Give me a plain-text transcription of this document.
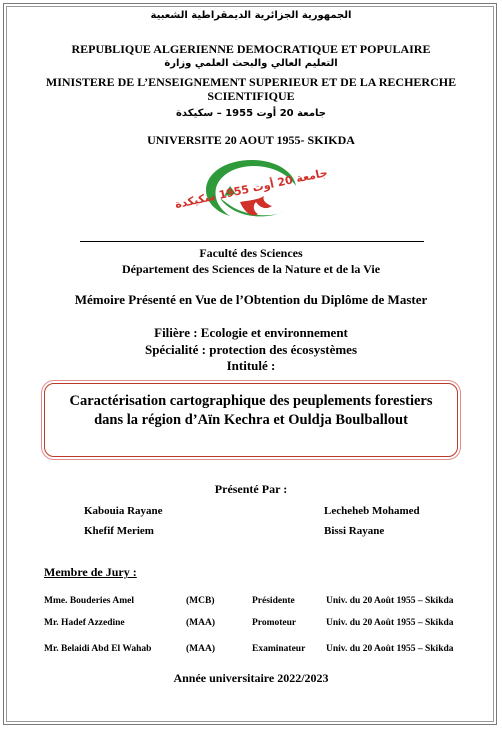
الجمهورية الجزائرية الديمقراطية الشعبية
REPUBLIQUE ALGERIENNE DEMOCRATIQUE ET POPULAIRE
التعليم العالي والبحث العلمي وزارة
MINISTERE DE L’ENSEIGNEMENT SUPERIEUR ET DE LA RECHERCHE
SCIENTIFIQUE
جامعة 20 أوت 1955 – سكيكدة
UNIVERSITE 20 AOUT 1955- SKIKDA
جامعة 20 أوت 1955 سكيكدة
Faculté des Sciences
Département des Sciences de la Nature et de la Vie
Mémoire Présenté en Vue de l’Obtention du Diplôme de Master
Filière : Ecologie et environnement
Spécialité : protection des écosystèmes
Intitulé :
Caractérisation cartographique des peuplements forestiers dans la région d’Aïn Kechra et Ouldja Boulballout
Présenté Par :
Kabouia Rayane	Lecheheb Mohamed
Khefif Meriem	Bissi Rayane
Membre de Jury :
Mme. Bouderies Amel	(MCB)	Présidente	Univ. du 20 Août 1955 – Skikda
Mr. Hadef Azzedine	(MAA)	Promoteur	Univ. du 20 Août 1955 – Skikda
Mr. Belaidi Abd El Wahab	(MAA)	Examinateur Univ. du 20 Août 1955 – Skikda
Année universitaire 2022/2023
